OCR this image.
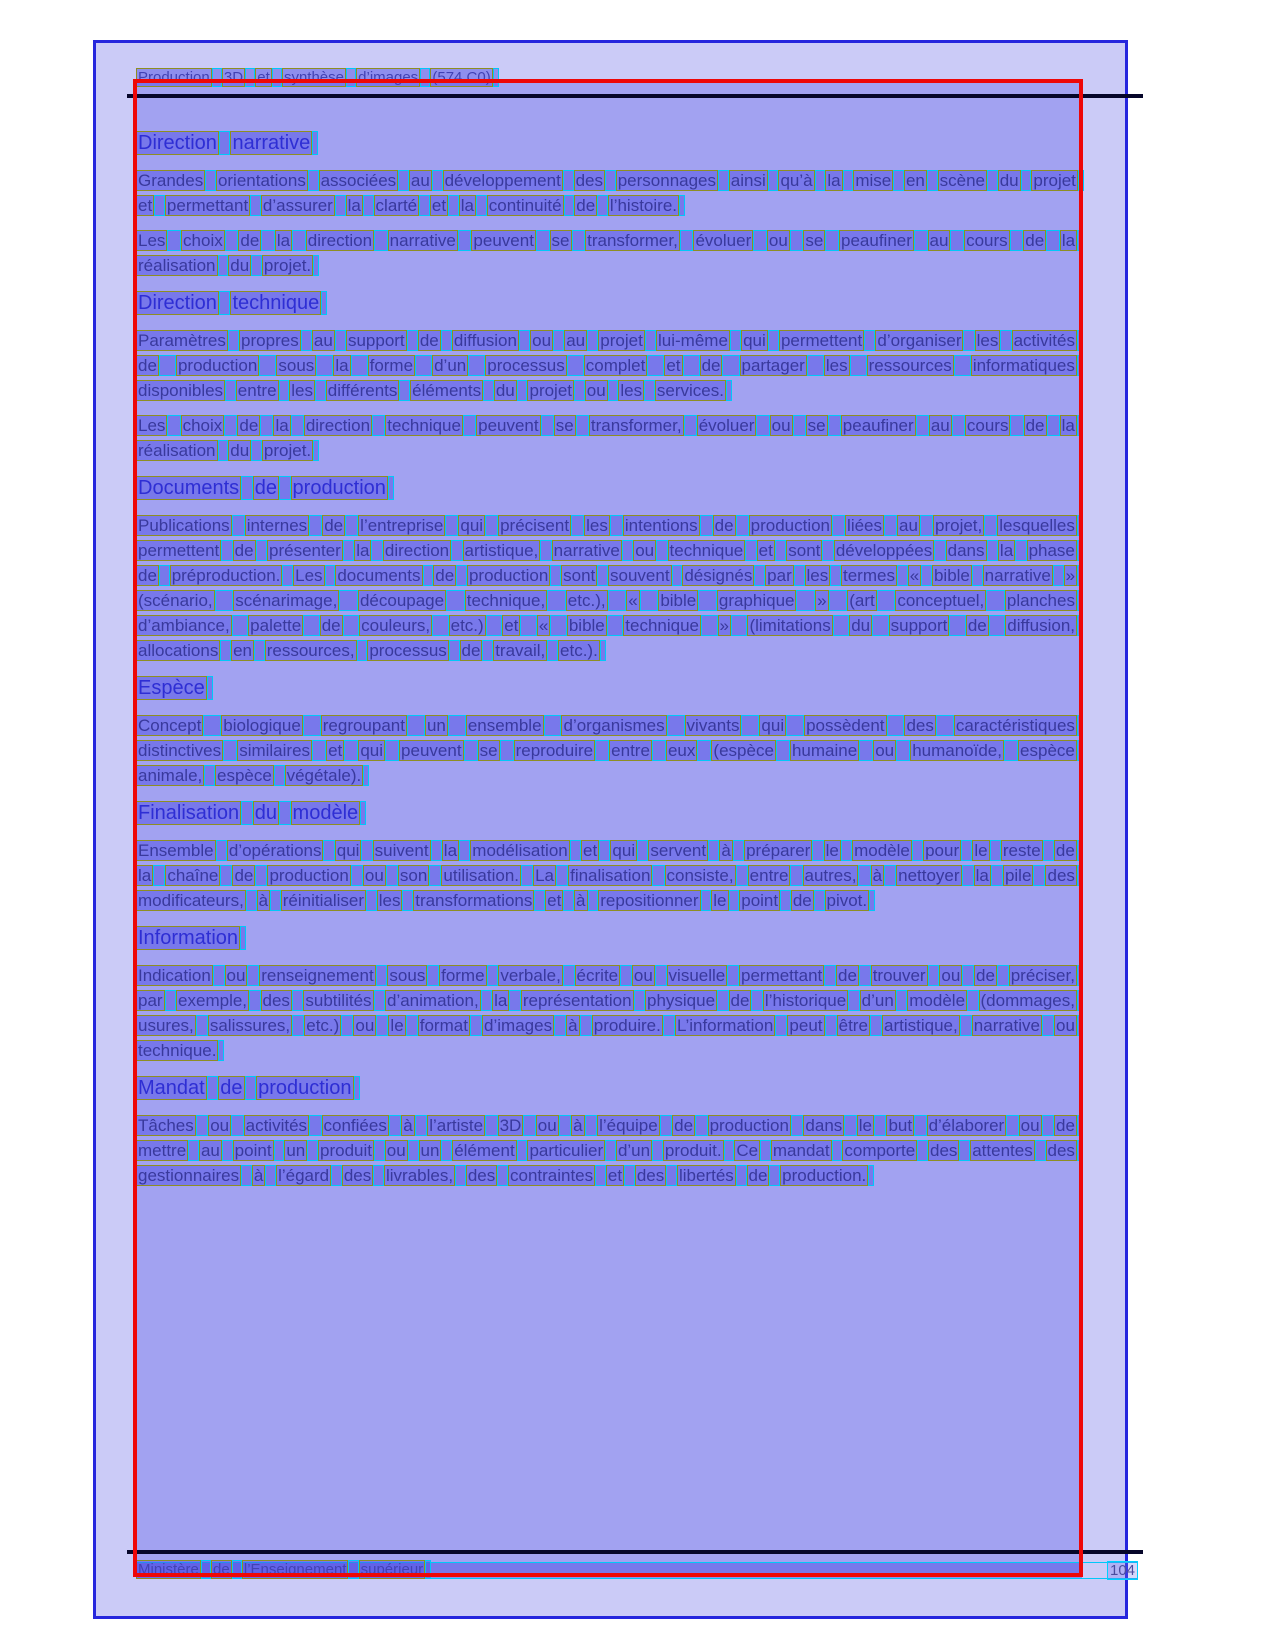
Production 3D et synthèse d’images (574.C0)
Direction narrative
Grandes orientations associées au développement des personnages ainsi qu’à la mise en scène du projet et permettant d’assurer la clarté et la continuité de l’histoire.
Les choix de la direction narrative peuvent se transformer, évoluer ou se peaufiner au cours de la réalisation du projet.
Direction technique
Paramètres propres au support de diffusion ou au projet lui-même qui permettent d’organiser les activités de production sous la forme d’un processus complet et de partager les ressources informatiques disponibles entre les différents éléments du projet ou les services.
Les choix de la direction technique peuvent se transformer, évoluer ou se peaufiner au cours de la réalisation du projet.
Documents de production
Publications internes de l’entreprise qui précisent les intentions de production liées au projet, lesquelles permettent de présenter la direction artistique, narrative ou technique et sont développées dans la phase de préproduction. Les documents de production sont souvent désignés par les termes « bible narrative » (scénario, scénarimage, découpage technique, etc.), « bible graphique » (art conceptuel, planches d’ambiance, palette de couleurs, etc.) et « bible technique » (limitations du support de diffusion, allocations en ressources, processus de travail, etc.).
Espèce
Concept biologique regroupant un ensemble d’organismes vivants qui possèdent des caractéristiques distinctives similaires et qui peuvent se reproduire entre eux (espèce humaine ou humanoïde, espèce animale, espèce végétale).
Finalisation du modèle
Ensemble d’opérations qui suivent la modélisation et qui servent à préparer le modèle pour le reste de la chaîne de production ou son utilisation. La finalisation consiste, entre autres, à nettoyer la pile des modificateurs, à réinitialiser les transformations et à repositionner le point de pivot.
Information
Indication ou renseignement sous forme verbale, écrite ou visuelle permettant de trouver ou de préciser, par exemple, des subtilités d’animation, la représentation physique de l’historique d’un modèle (dommages, usures, salissures, etc.) ou le format d’images à produire. L’information peut être artistique, narrative ou technique.
Mandat de production
Tâches ou activités confiées à l’artiste 3D ou à l’équipe de production dans le but d’élaborer ou de mettre au point un produit ou un élément particulier d’un produit. Ce mandat comporte des attentes des gestionnaires à l’égard des livrables, des contraintes et des libertés de production.
Ministère de l’Enseignement supérieur	104
